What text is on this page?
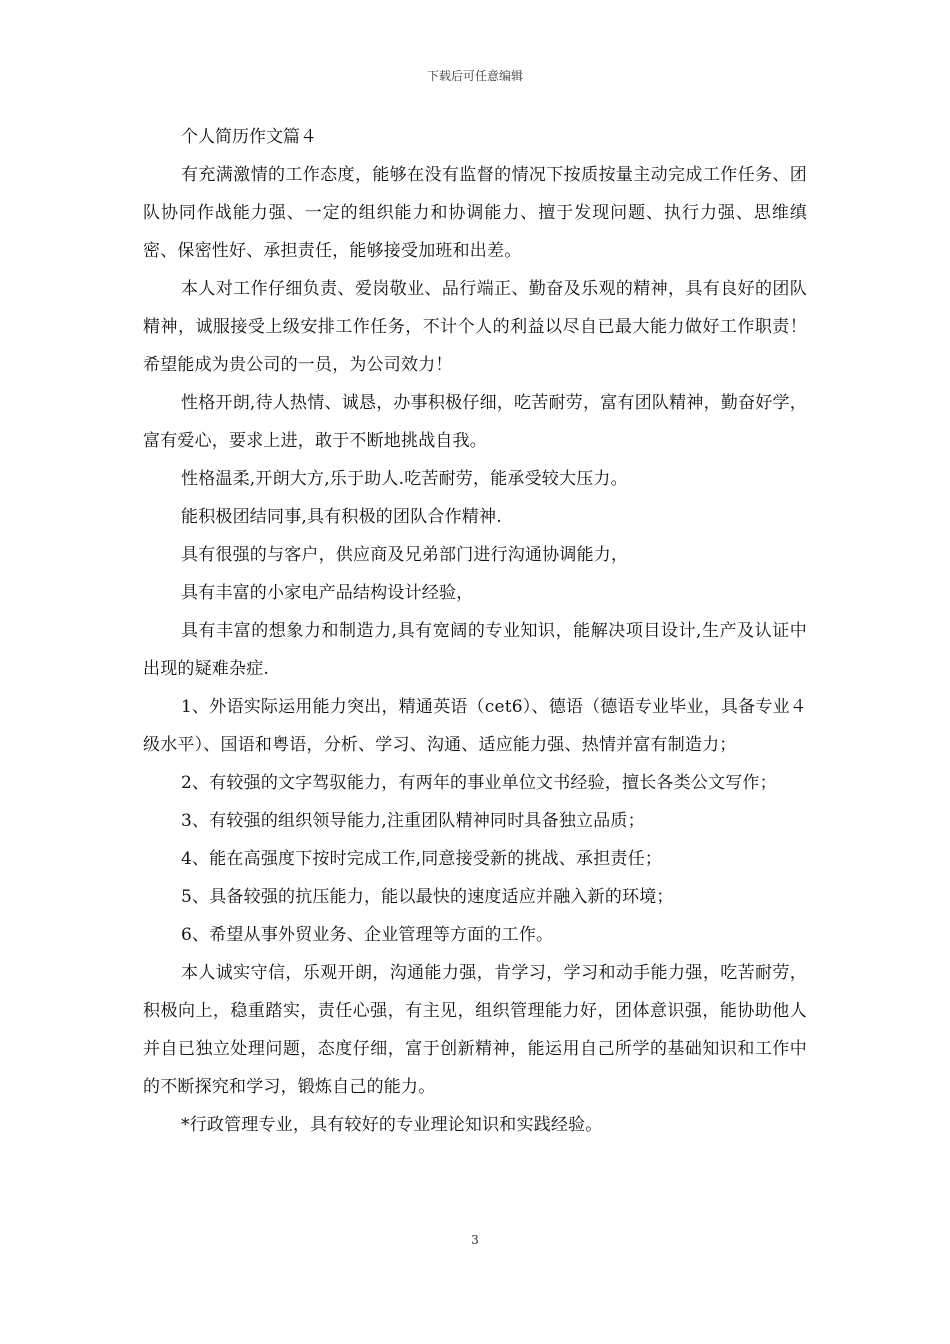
下载后可任意编辑

个人简历作文篇４

有充满激情的工作态度，能够在没有监督的情况下按质按量主动完成工作任务、团队协同作战能力强、一定的组织能力和协调能力、擅于发现问题、执行力强、思维缜密、保密性好、承担责任，能够接受加班和出差。

本人对工作仔细负责、爱岗敬业、品行端正、勤奋及乐观的精神，具有良好的团队精神，诚服接受上级安排工作任务，不计个人的利益以尽自已最大能力做好工作职责！希望能成为贵公司的一员，为公司效力！

性格开朗,待人热情、诚恳，办事积极仔细，吃苦耐劳，富有团队精神，勤奋好学，富有爱心，要求上进，敢于不断地挑战自我。

性格温柔,开朗大方,乐于助人.吃苦耐劳，能承受较大压力。

能积极团结同事,具有积极的团队合作精神.

具有很强的与客户，供应商及兄弟部门进行沟通协调能力，

具有丰富的小家电产品结构设计经验，

具有丰富的想象力和制造力,具有宽阔的专业知识，能解决项目设计,生产及认证中出现的疑难杂症.

1、外语实际运用能力突出，精通英语（cet6）、德语（德语专业毕业，具备专业４级水平）、国语和粤语，分析、学习、沟通、适应能力强、热情并富有制造力；

2、有较强的文字驾驭能力，有两年的事业单位文书经验，擅长各类公文写作；

3、有较强的组织领导能力,注重团队精神同时具备独立品质；

4、能在高强度下按时完成工作,同意接受新的挑战、承担责任；

5、具备较强的抗压能力，能以最快的速度适应并融入新的环境；

6、希望从事外贸业务、企业管理等方面的工作。

本人诚实守信，乐观开朗，沟通能力强，肯学习，学习和动手能力强，吃苦耐劳，积极向上，稳重踏实，责任心强，有主见，组织管理能力好，团体意识强，能协助他人并自已独立处理问题，态度仔细，富于创新精神，能运用自己所学的基础知识和工作中的不断探究和学习，锻炼自己的能力。

*行政管理专业，具有较好的专业理论知识和实践经验。

3
